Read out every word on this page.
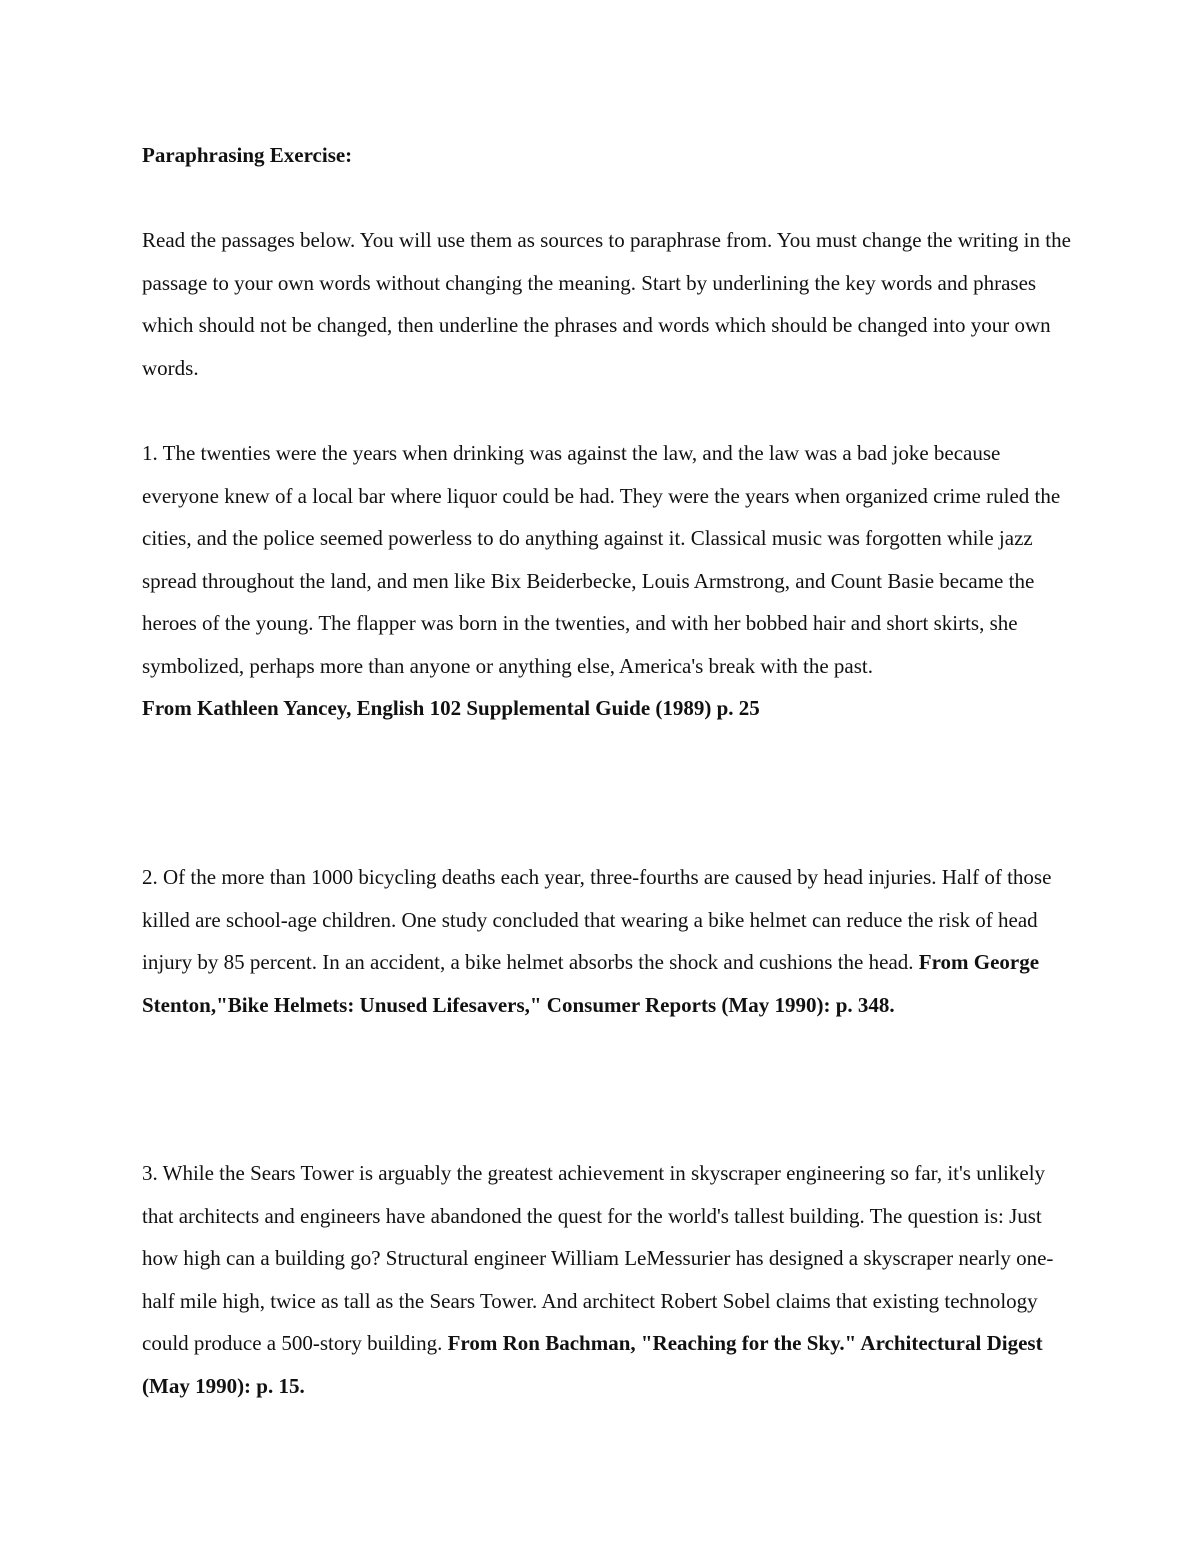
Paraphrasing Exercise:

Read the passages below. You will use them as sources to paraphrase from. You must change the writing in the passage to your own words without changing the meaning. Start by underlining the key words and phrases which should not be changed, then underline the phrases and words which should be changed into your own words.

1. The twenties were the years when drinking was against the law, and the law was a bad joke because everyone knew of a local bar where liquor could be had. They were the years when organized crime ruled the cities, and the police seemed powerless to do anything against it. Classical music was forgotten while jazz spread throughout the land, and men like Bix Beiderbecke, Louis Armstrong, and Count Basie became the heroes of the young. The flapper was born in the twenties, and with her bobbed hair and short skirts, she symbolized, perhaps more than anyone or anything else, America's break with the past.
From Kathleen Yancey, English 102 Supplemental Guide (1989) p. 25

2. Of the more than 1000 bicycling deaths each year, three-fourths are caused by head injuries. Half of those killed are school-age children. One study concluded that wearing a bike helmet can reduce the risk of head injury by 85 percent. In an accident, a bike helmet absorbs the shock and cushions the head. From George Stenton,"Bike Helmets: Unused Lifesavers," Consumer Reports (May 1990): p. 348.

3. While the Sears Tower is arguably the greatest achievement in skyscraper engineering so far, it's unlikely that architects and engineers have abandoned the quest for the world's tallest building. The question is: Just how high can a building go? Structural engineer William LeMessurier has designed a skyscraper nearly one-half mile high, twice as tall as the Sears Tower. And architect Robert Sobel claims that existing technology could produce a 500-story building. From Ron Bachman, "Reaching for the Sky." Architectural Digest (May 1990): p. 15.
